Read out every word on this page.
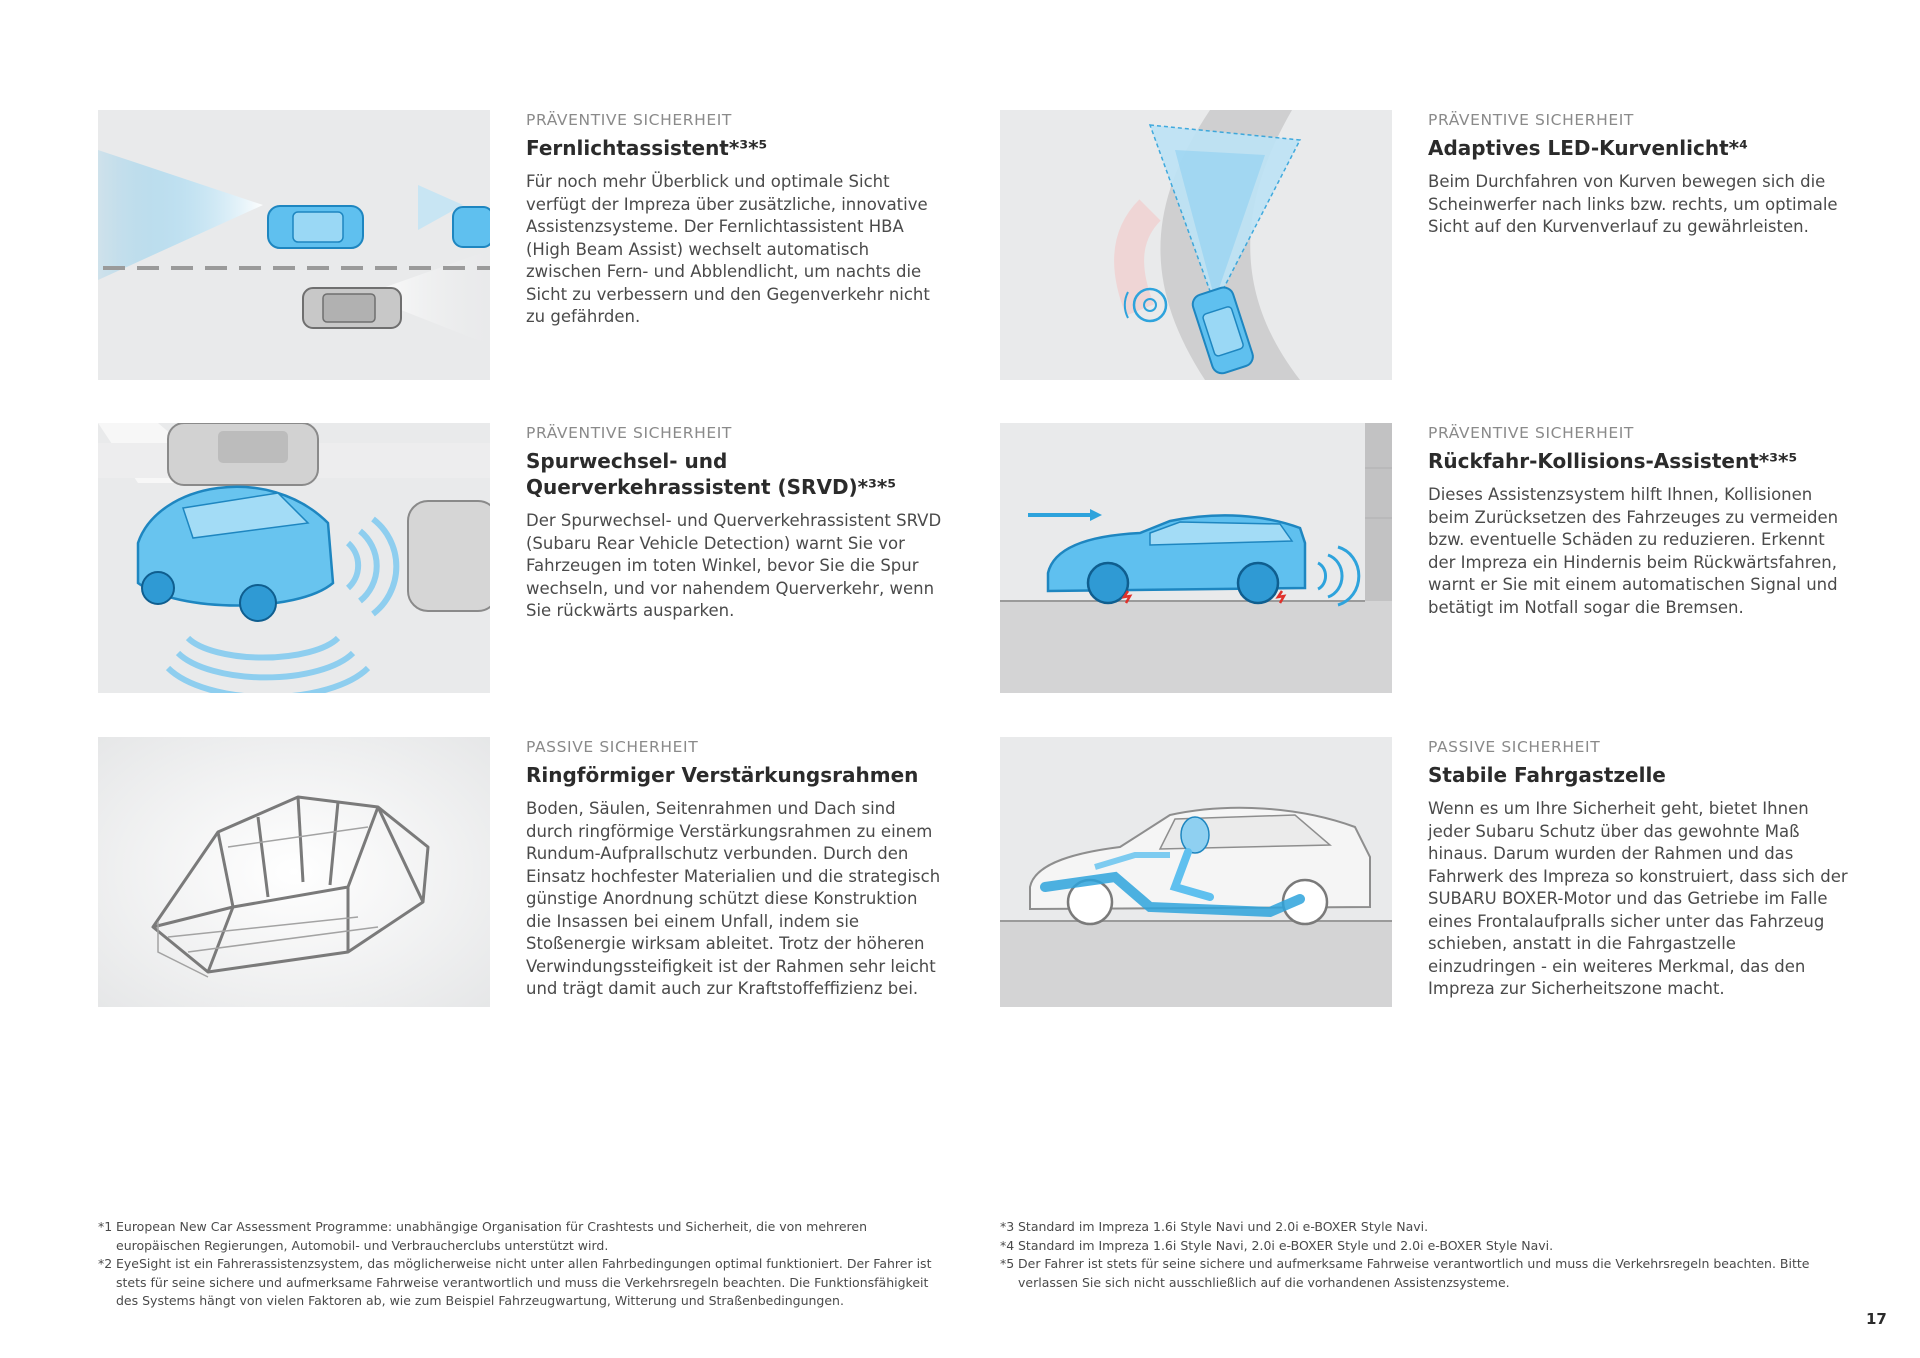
PRÄVENTIVE SICHERHEIT

Fernlichtassistent*³*⁵

Für noch mehr Überblick und optimale Sicht verfügt der Impreza über zusätzliche, innovative Assistenzsysteme. Der Fernlichtassistent HBA (High Beam Assist) wechselt automatisch zwischen Fern- und Abblendlicht, um nachts die Sicht zu verbessern und den Gegenverkehr nicht zu gefährden.

PRÄVENTIVE SICHERHEIT

Adaptives LED-Kurvenlicht*⁴

Beim Durchfahren von Kurven bewegen sich die Scheinwerfer nach links bzw. rechts, um optimale Sicht auf den Kurvenverlauf zu gewährleisten.

PRÄVENTIVE SICHERHEIT

Spurwechsel- und Querverkehrassistent (SRVD)*³*⁵

Der Spurwechsel- und Querverkehrassistent SRVD (Subaru Rear Vehicle Detection) warnt Sie vor Fahrzeugen im toten Winkel, bevor Sie die Spur wechseln, und vor nahendem Querverkehr, wenn Sie rückwärts ausparken.

PRÄVENTIVE SICHERHEIT

Rückfahr-Kollisions-Assistent*³*⁵

Dieses Assistenzsystem hilft Ihnen, Kollisionen beim Zurücksetzen des Fahrzeuges zu vermeiden bzw. eventuelle Schäden zu reduzieren. Erkennt der Impreza ein Hindernis beim Rückwärtsfahren, warnt er Sie mit einem automatischen Signal und betätigt im Notfall sogar die Bremsen.

PASSIVE SICHERHEIT

Ringförmiger Verstärkungsrahmen

Boden, Säulen, Seitenrahmen und Dach sind durch ringförmige Verstärkungsrahmen zu einem Rundum-Aufprallschutz verbunden. Durch den Einsatz hochfester Materialien und die strategisch günstige Anordnung schützt diese Konstruktion die Insassen bei einem Unfall, indem sie Stoßenergie wirksam ableitet. Trotz der höheren Verwindungssteifigkeit ist der Rahmen sehr leicht und trägt damit auch zur Kraftstoffeffizienz bei.

PASSIVE SICHERHEIT

Stabile Fahrgastzelle

Wenn es um Ihre Sicherheit geht, bietet Ihnen jeder Subaru Schutz über das gewohnte Maß hinaus. Darum wurden der Rahmen und das Fahrwerk des Impreza so konstruiert, dass sich der SUBARU BOXER-Motor und das Getriebe im Falle eines Frontalaufpralls sicher unter das Fahrzeug schieben, anstatt in die Fahrgastzelle einzudringen - ein weiteres Merkmal, das den Impreza zur Sicherheitszone macht.

*1 European New Car Assessment Programme: unabhängige Organisation für Crashtests und Sicherheit, die von mehreren europäischen Regierungen, Automobil- und Verbraucherclubs unterstützt wird.
*2 EyeSight ist ein Fahrerassistenzsystem, das möglicherweise nicht unter allen Fahrbedingungen optimal funktioniert. Der Fahrer ist stets für seine sichere und aufmerksame Fahrweise verantwortlich und muss die Verkehrsregeln beachten. Die Funktionsfähigkeit des Systems hängt von vielen Faktoren ab, wie zum Beispiel Fahrzeugwartung, Witterung und Straßenbedingungen.
*3 Standard im Impreza 1.6i Style Navi und 2.0i e-BOXER Style Navi.
*4 Standard im Impreza 1.6i Style Navi, 2.0i e-BOXER Style und 2.0i e-BOXER Style Navi.
*5 Der Fahrer ist stets für seine sichere und aufmerksame Fahrweise verantwortlich und muss die Verkehrsregeln beachten. Bitte verlassen Sie sich nicht ausschließlich auf die vorhandenen Assistenzsysteme.
17
